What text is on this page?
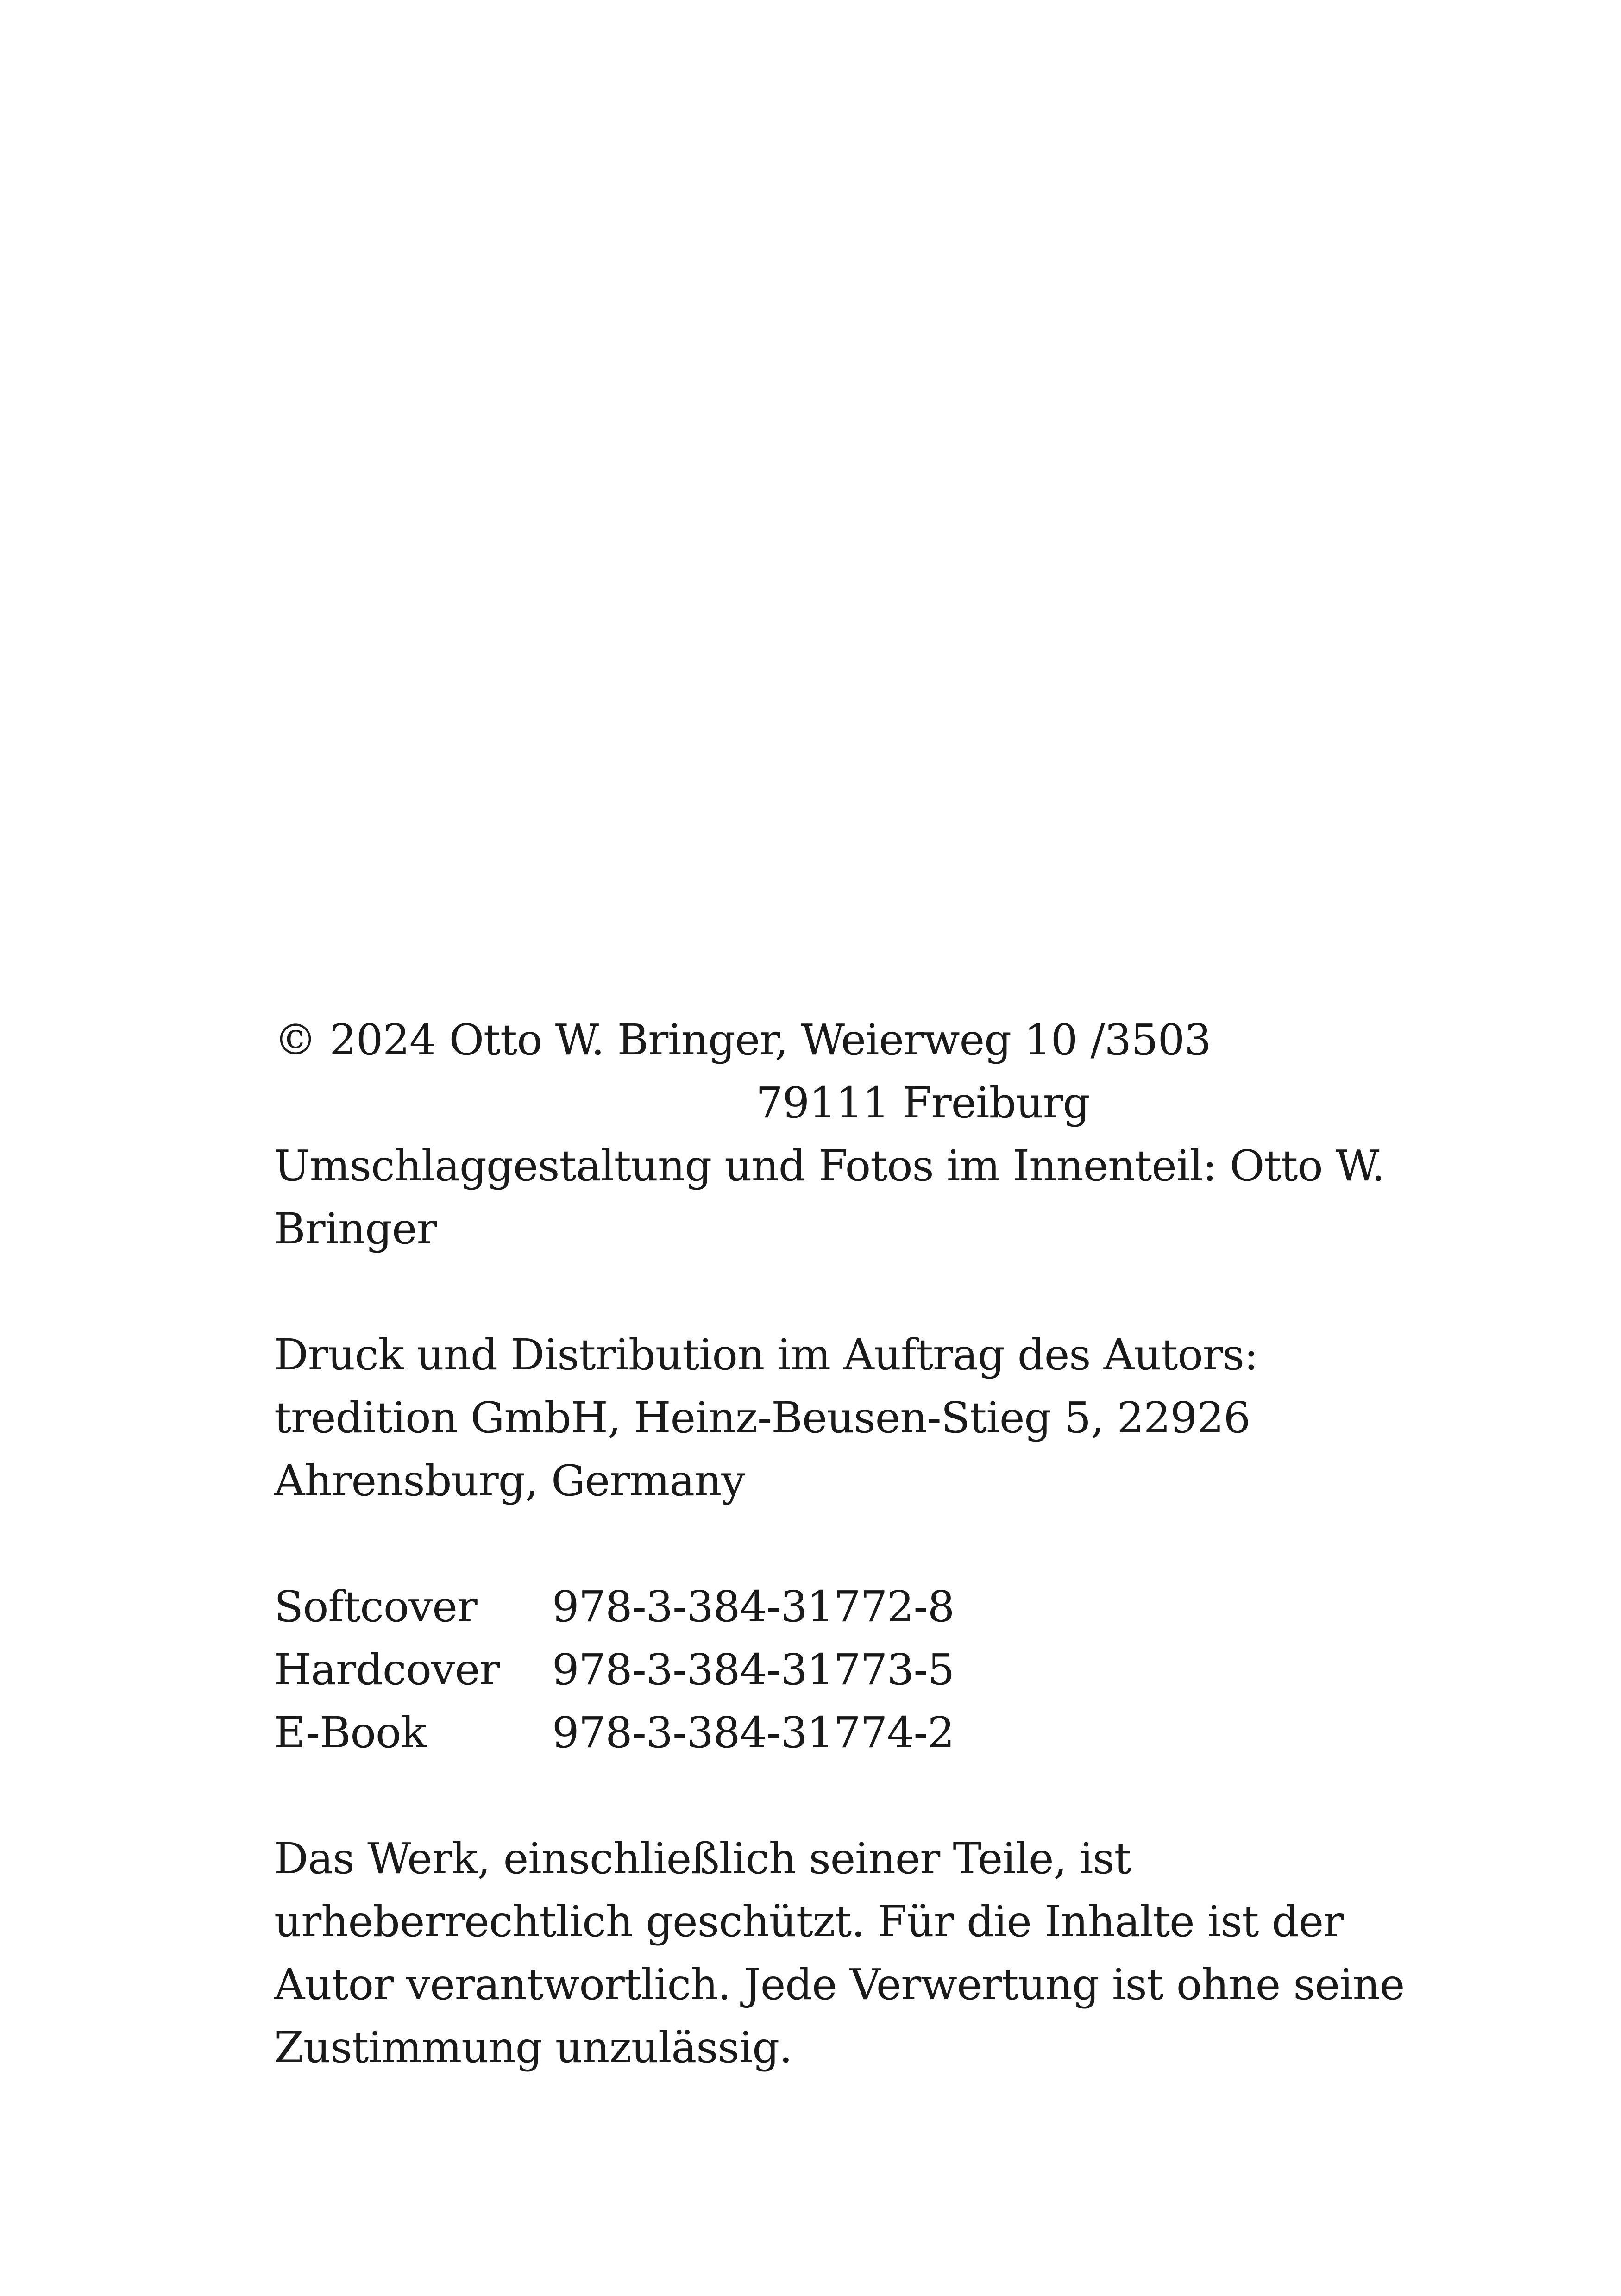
© 2024 Otto W. Bringer, Weierweg 10 /3503
79111 Freiburg
Umschlaggestaltung und Fotos im Innenteil: Otto W.
Bringer
Druck und Distribution im Auftrag des Autors:
tredition GmbH, Heinz-Beusen-Stieg 5, 22926
Ahrensburg, Germany
Softcover 978-3-384-31772-8
Hardcover 978-3-384-31773-5
E-Book	978-3-384-31774-2
Das Werk, einschließlich seiner Teile, ist
urheberrechtlich geschützt. Für die Inhalte ist der
Autor verantwortlich. Jede Verwertung ist ohne seine
Zustimmung unzulässig.
